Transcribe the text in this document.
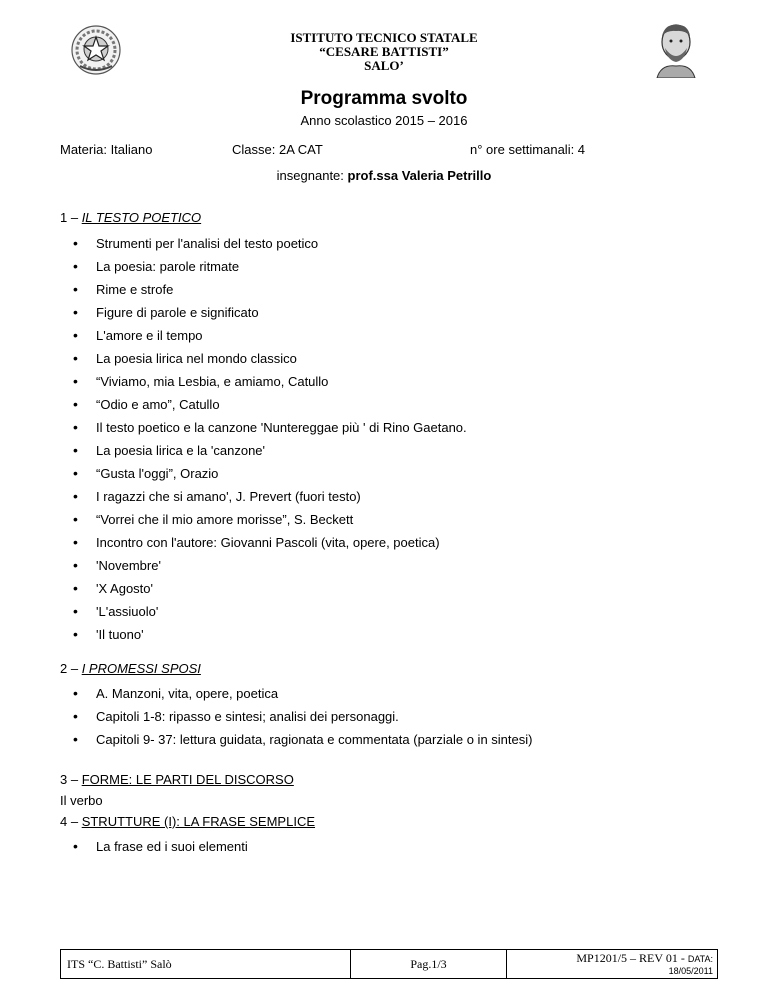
ISTITUTO TECNICO STATALE
“CESARE BATTISTI”
SALO’
Programma svolto
Anno scolastico 2015 – 2016
Materia: Italiano	Classe: 2A CAT	n° ore settimanali: 4
insegnante: prof.ssa Valeria Petrillo
1 – IL TESTO POETICO
• Strumenti per l'analisi del testo poetico
• La poesia: parole ritmate
• Rime e strofe
• Figure di parole e significato
• L'amore e il tempo
• La poesia lirica nel mondo classico
• “Viviamo, mia Lesbia, e amiamo, Catullo
• “Odio e amo”, Catullo
• Il testo poetico e la canzone 'Nuntereggae più ' di Rino Gaetano.
• La poesia lirica e la 'canzone'
• “Gusta l'oggi”, Orazio
• I ragazzi che si amano', J. Prevert (fuori testo)
• “Vorrei che il mio amore morisse”, S. Beckett
• Incontro con l'autore: Giovanni Pascoli (vita, opere, poetica)
• 'Novembre'
• 'X Agosto'
• 'L'assiuolo'
• 'Il tuono'
2 – I PROMESSI SPOSI
• A. Manzoni, vita, opere, poetica
• Capitoli 1-8: ripasso e sintesi; analisi dei personaggi.
• Capitoli 9- 37: lettura guidata, ragionata e commentata (parziale o in sintesi)
3 – FORME: LE PARTI DEL DISCORSO
Il verbo
4 – STRUTTURE (I): LA FRASE SEMPLICE
• La frase ed i suoi elementi
ITS “C. Battisti” Salò	Pag.1/3	MP1201/5 – REV 01 - DATA:
18/05/2011
